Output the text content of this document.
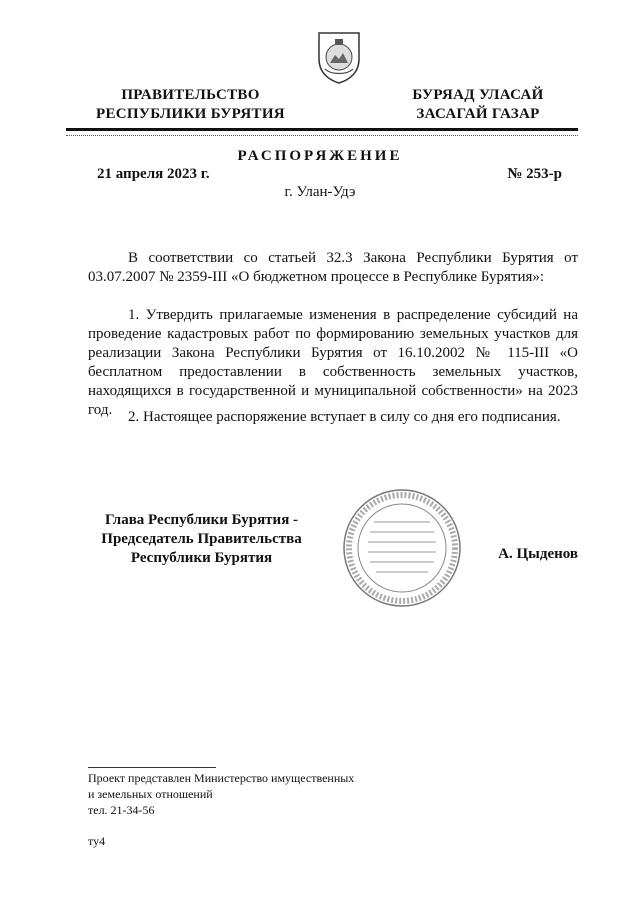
ПРАВИТЕЛЬСТВО
РЕСПУБЛИКИ БУРЯТИЯ
БУРЯАД УЛАСАЙ
ЗАСАГАЙ ГАЗАР
РАСПОРЯЖЕНИЕ
21 апреля 2023 г.	№ 253-р
г. Улан-Удэ
В соответствии со статьей 32.3 Закона Республики Бурятия от 03.07.2007 № 2359-III «О бюджетном процессе в Республике Бурятия»:
1. Утвердить прилагаемые изменения в распределение субсидий на проведение кадастровых работ по формированию земельных участков для реализации Закона Республики Бурятия от 16.10.2002 № 115-III «О бесплатном предоставлении в собственность земельных участков, находящихся в государственной и муниципальной собственности» на 2023 год.	2. Настоящее распоряжение вступает в силу со дня его подписания.
Глава Республики Бурятия -
Председатель Правительства
Республики Бурятия	А. Цыденов
Проект представлен Министерство имущественных
и земельных отношений
тел. 21-34-56
ту4
